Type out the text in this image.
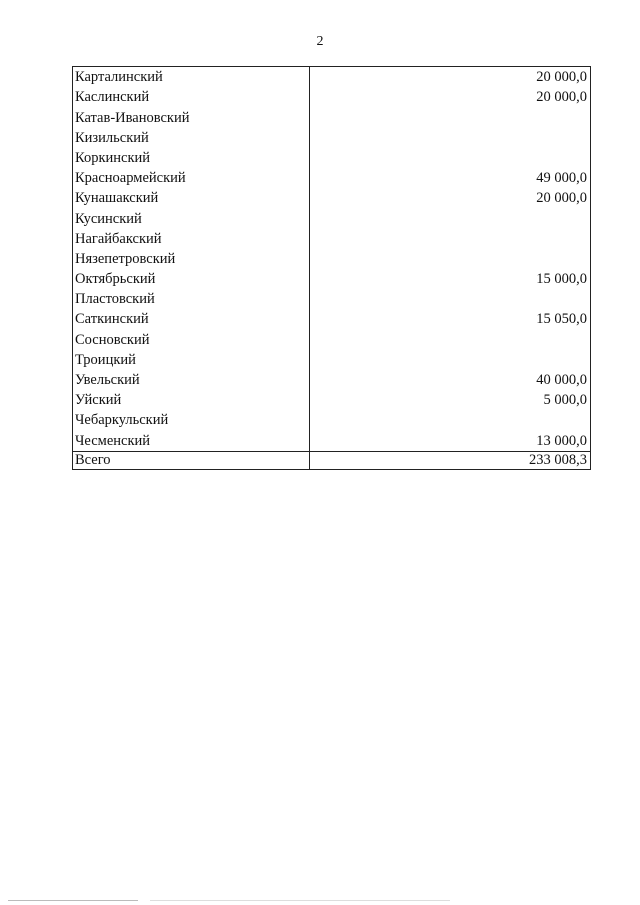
2
Карталинский	20 000,0
Каслинский	20 000,0
Катав-Ивановский	
Кизильский	
Коркинский	
Красноармейский	49 000,0
Кунашакский	20 000,0
Кусинский	
Нагайбакский	
Нязепетровский	
Октябрьский	15 000,0
Пластовский	
Саткинский	15 050,0
Сосновский	
Троицкий	
Увельский	40 000,0
Уйский	5 000,0
Чебаркульский	
Чесменский	13 000,0
Всего	233 008,3
